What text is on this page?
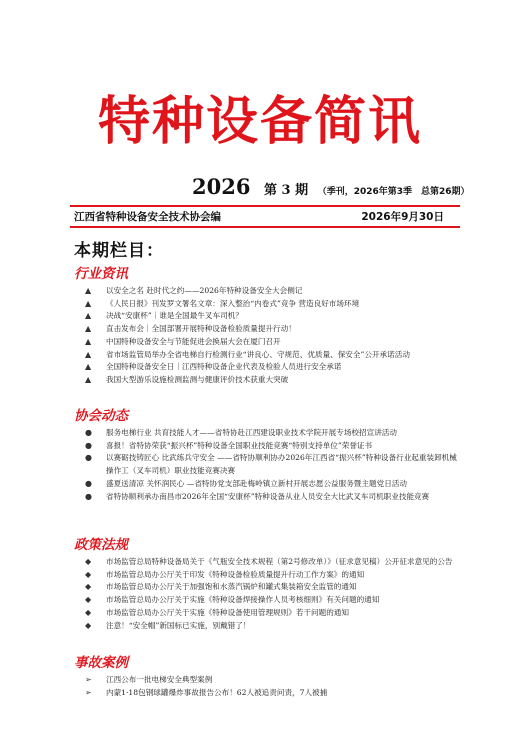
特种设备简讯
2026 第 3 期 （季刊，2026年第3季　总第26期）
江西省特种设备安全技术协会编	2026年9月30日
本期栏目：
行业资讯
▲ 以安全之名 赴时代之约——2026年特种设备安全大会侧记
▲ 《人民日报》刊发罗文署名文章：深入整治“内卷式”竞争 营造良好市场环境
▲ 决战“安康杯”｜谁是全国最牛叉车司机？
▲ 直击发布会｜全国部署开展特种设备检验质量提升行动！
▲ 中国特种设备安全与节能促进会换届大会在厦门召开
▲ 省市场监管局举办全省电梯自行检测行业“讲良心、守规范、优质量、保安全”公开承诺活动
▲ 全国特种设备安全日｜江西特种设备企业代表及检验人员进行安全承诺
▲ 我国大型游乐设施检测监测与健康评价技术获重大突破
协会动态
● 服务电梯行业 共育技能人才——省特协赴江西建设职业技术学院开展专场校招宣讲活动
● 喜报！省特协荣获“振兴杯”特种设备全国职业技能竞赛“特别支持单位”荣誉证书
● 以赛砺技铸匠心 比武练兵守安全 ——省特协顺利协办2026年江西省“振兴杯”特种设备行业起重装卸机械操作工（叉车司机）职业技能竞赛决赛
● 盛夏送清凉 关怀润民心 —省特协党支部赴梅岭镇立新村开展志愿公益服务暨主题党日活动
● 省特协顺利承办南昌市2026年全国“安康杯”特种设备从业人员安全大比武叉车司机职业技能竞赛
政策法规
◆ 市场监管总局特种设备局关于《气瓶安全技术规程（第2号修改单）》（征求意见稿）公开征求意见的公告
◆ 市场监管总局办公厅关于印发《特种设备检验质量提升行动工作方案》的通知
◆ 市场监管总局办公厅关于加强饱和水蒸汽锅炉和罐式集装箱安全监管的通知
◆ 市场监管总局办公厅关于实施《特种设备焊接操作人员考核细则》有关问题的通知
◆ 市场监管总局办公厅关于实施《特种设备使用管理规则》若干问题的通知
◆ 注意！“安全帽”新国标已实施，别戴错了！
事故案例
➢ 江西公布一批电梯安全典型案例
➢ 内蒙1·18包钢球罐爆炸事故报告公布！62人被追责问责，7人被捕
